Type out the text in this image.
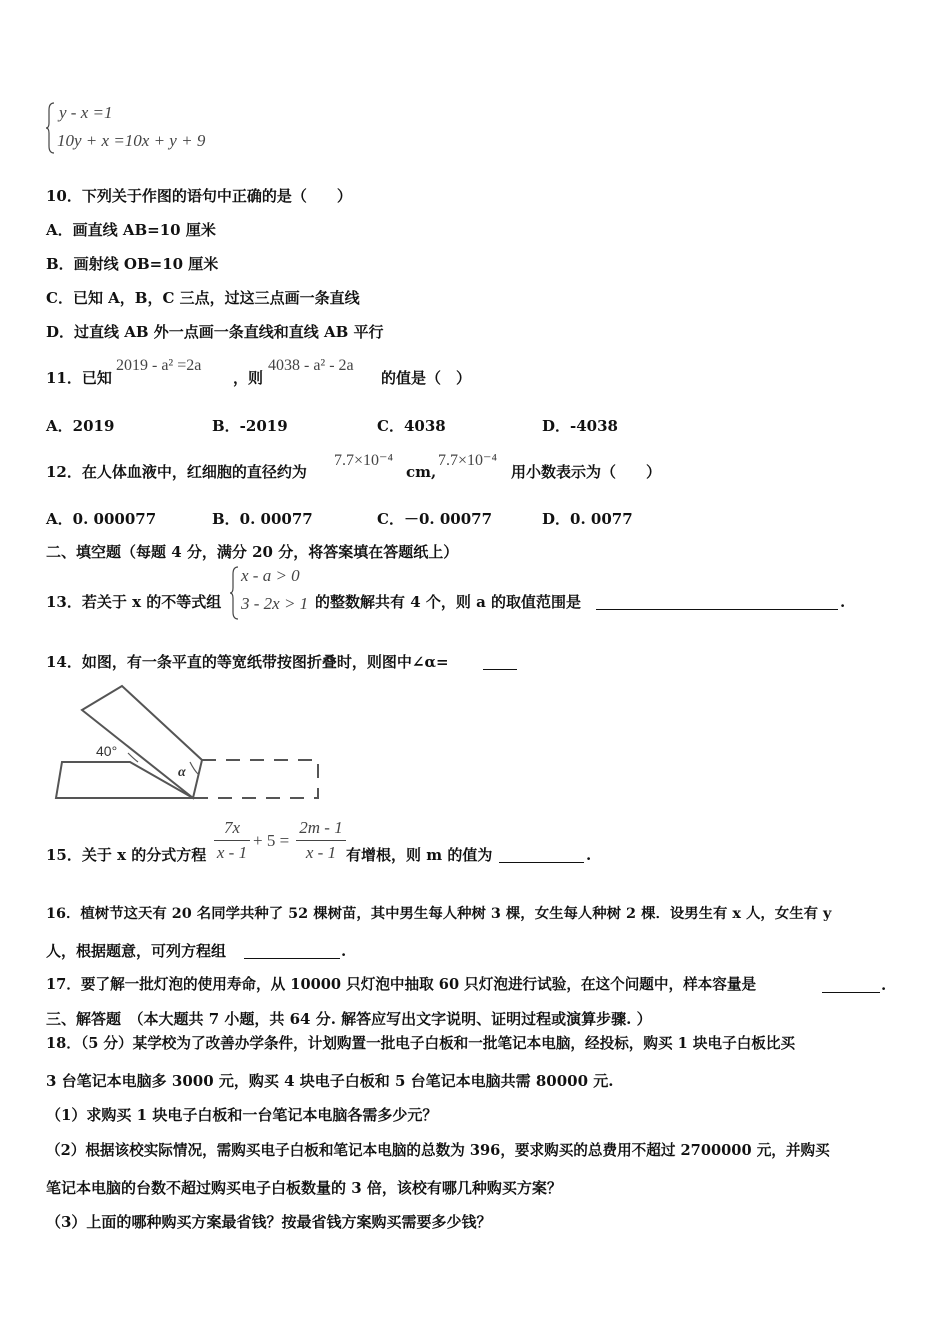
y - x =1
10y + x =10x + y + 9
10．下列关于作图的语句中正确的是（　　）
A．画直线 AB=10 厘米
B．画射线 OB=10 厘米
C．已知 A，B，C 三点，过这三点画一条直线
D．过直线 AB 外一点画一条直线和直线 AB 平行
11．已知
2019 - a² =2a
，则
4038 - a² - 2a
的值是（　）
A．2019	B．-2019	C．4038	D．-4038
12．在人体血液中，红细胞的直径约为
7.7×10⁻⁴
cm,
7.7×10⁻⁴
用小数表示为（　　）
A．0. 000077	B．0. 00077	C．－0. 00077	D．0. 0077
二、填空题（每题 4 分，满分 20 分，将答案填在答题纸上）
13．若关于 x 的不等式组
x - a > 0
3 - 2x > 1 的整数解共有 4 个，则 a 的取值范围是	.
14．如图，有一条平直的等宽纸带按图折叠时，则图中∠α=
40°
α
15．关于 x 的分式方程
7x
x - 1
+ 5 =
2m - 1
x - 1 有增根，则 m 的值为	.
16．植树节这天有 20 名同学共种了 52 棵树苗，其中男生每人种树 3 棵，女生每人种树 2 棵．设男生有 x 人，女生有 y
人，根据题意，可列方程组	.
17．要了解一批灯泡的使用寿命，从 10000 只灯泡中抽取 60 只灯泡进行试验，在这个问题中，样本容量是	.
三、解答题　（本大题共 7 小题，共 64 分. 解答应写出文字说明、证明过程或演算步骤. ）
18．（5 分）某学校为了改善办学条件，计划购置一批电子白板和一批笔记本电脑，经投标，购买 1 块电子白板比买
3 台笔记本电脑多 3000 元，购买 4 块电子白板和 5 台笔记本电脑共需 80000 元.
（1）求购买 1 块电子白板和一台笔记本电脑各需多少元？
（2）根据该校实际情况，需购买电子白板和笔记本电脑的总数为 396，要求购买的总费用不超过 2700000 元，并购买
笔记本电脑的台数不超过购买电子白板数量的 3 倍，该校有哪几种购买方案？
（3）上面的哪种购买方案最省钱？按最省钱方案购买需要多少钱？
